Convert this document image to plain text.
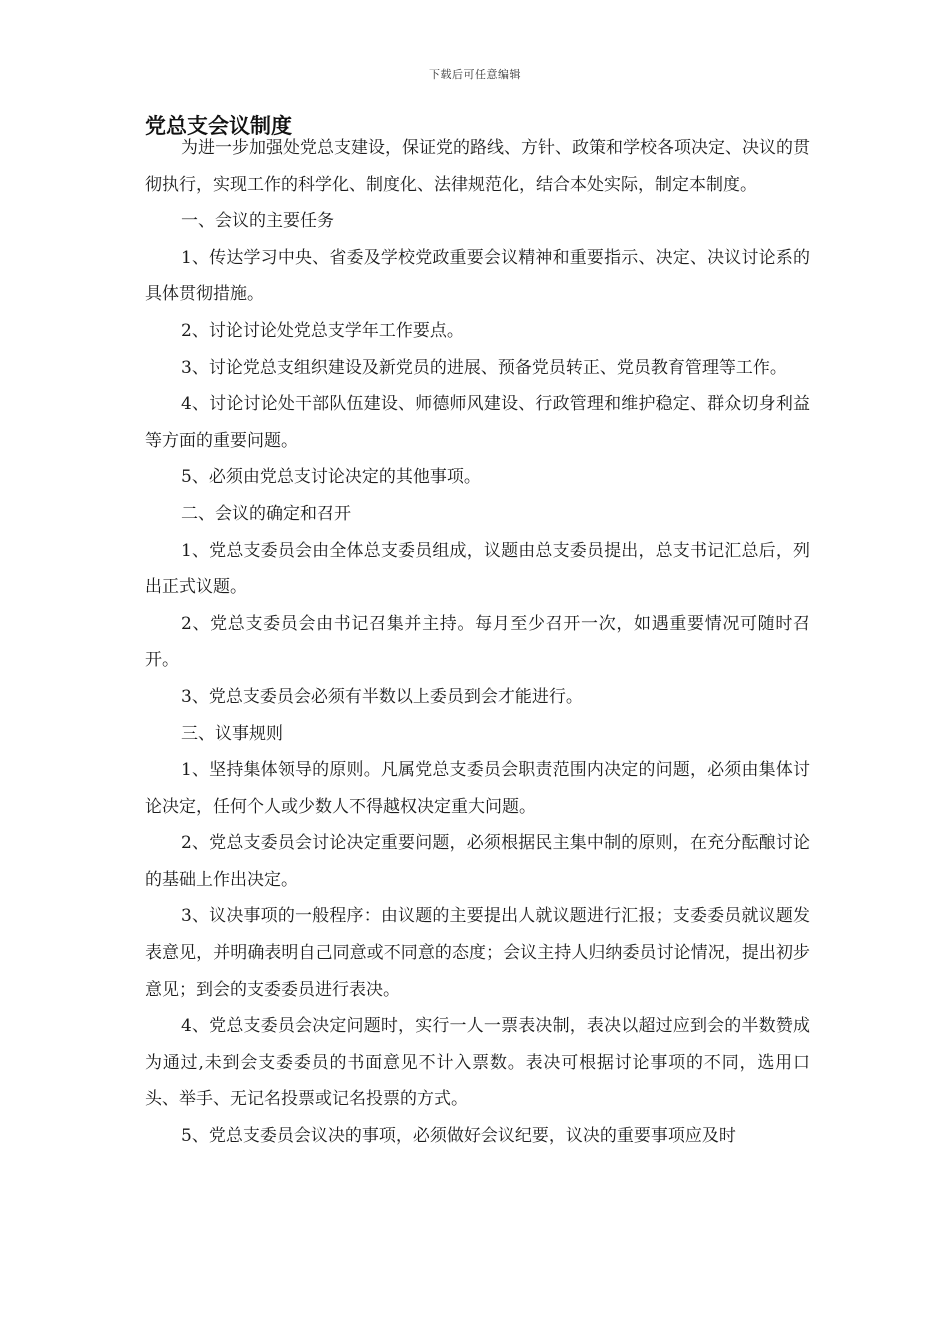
下载后可任意编辑
党总支会议制度

为进一步加强处党总支建设，保证党的路线、方针、政策和学校各项决定、决议的贯彻执行，实现工作的科学化、制度化、法律规范化，结合本处实际，制定本制度。

一、会议的主要任务

1、传达学习中央、省委及学校党政重要会议精神和重要指示、决定、决议讨论系的具体贯彻措施。

2、讨论讨论处党总支学年工作要点。

3、讨论党总支组织建设及新党员的进展、预备党员转正、党员教育管理等工作。

4、讨论讨论处干部队伍建设、师德师风建设、行政管理和维护稳定、群众切身利益等方面的重要问题。

5、必须由党总支讨论决定的其他事项。

二、会议的确定和召开

1、党总支委员会由全体总支委员组成，议题由总支委员提出，总支书记汇总后，列出正式议题。

2、党总支委员会由书记召集并主持。每月至少召开一次，如遇重要情况可随时召开。

3、党总支委员会必须有半数以上委员到会才能进行。

三、议事规则

1、坚持集体领导的原则。凡属党总支委员会职责范围内决定的问题，必须由集体讨论决定，任何个人或少数人不得越权决定重大问题。

2、党总支委员会讨论决定重要问题，必须根据民主集中制的原则，在充分酝酿讨论的基础上作出决定。

3、议决事项的一般程序：由议题的主要提出人就议题进行汇报；支委委员就议题发表意见，并明确表明自己同意或不同意的态度；会议主持人归纳委员讨论情况，提出初步意见；到会的支委委员进行表决。

4、党总支委员会决定问题时，实行一人一票表决制，表决以超过应到会的半数赞成为通过,未到会支委委员的书面意见不计入票数。表决可根据讨论事项的不同，选用口头、举手、无记名投票或记名投票的方式。

5、党总支委员会议决的事项，必须做好会议纪要，议决的重要事项应及时
